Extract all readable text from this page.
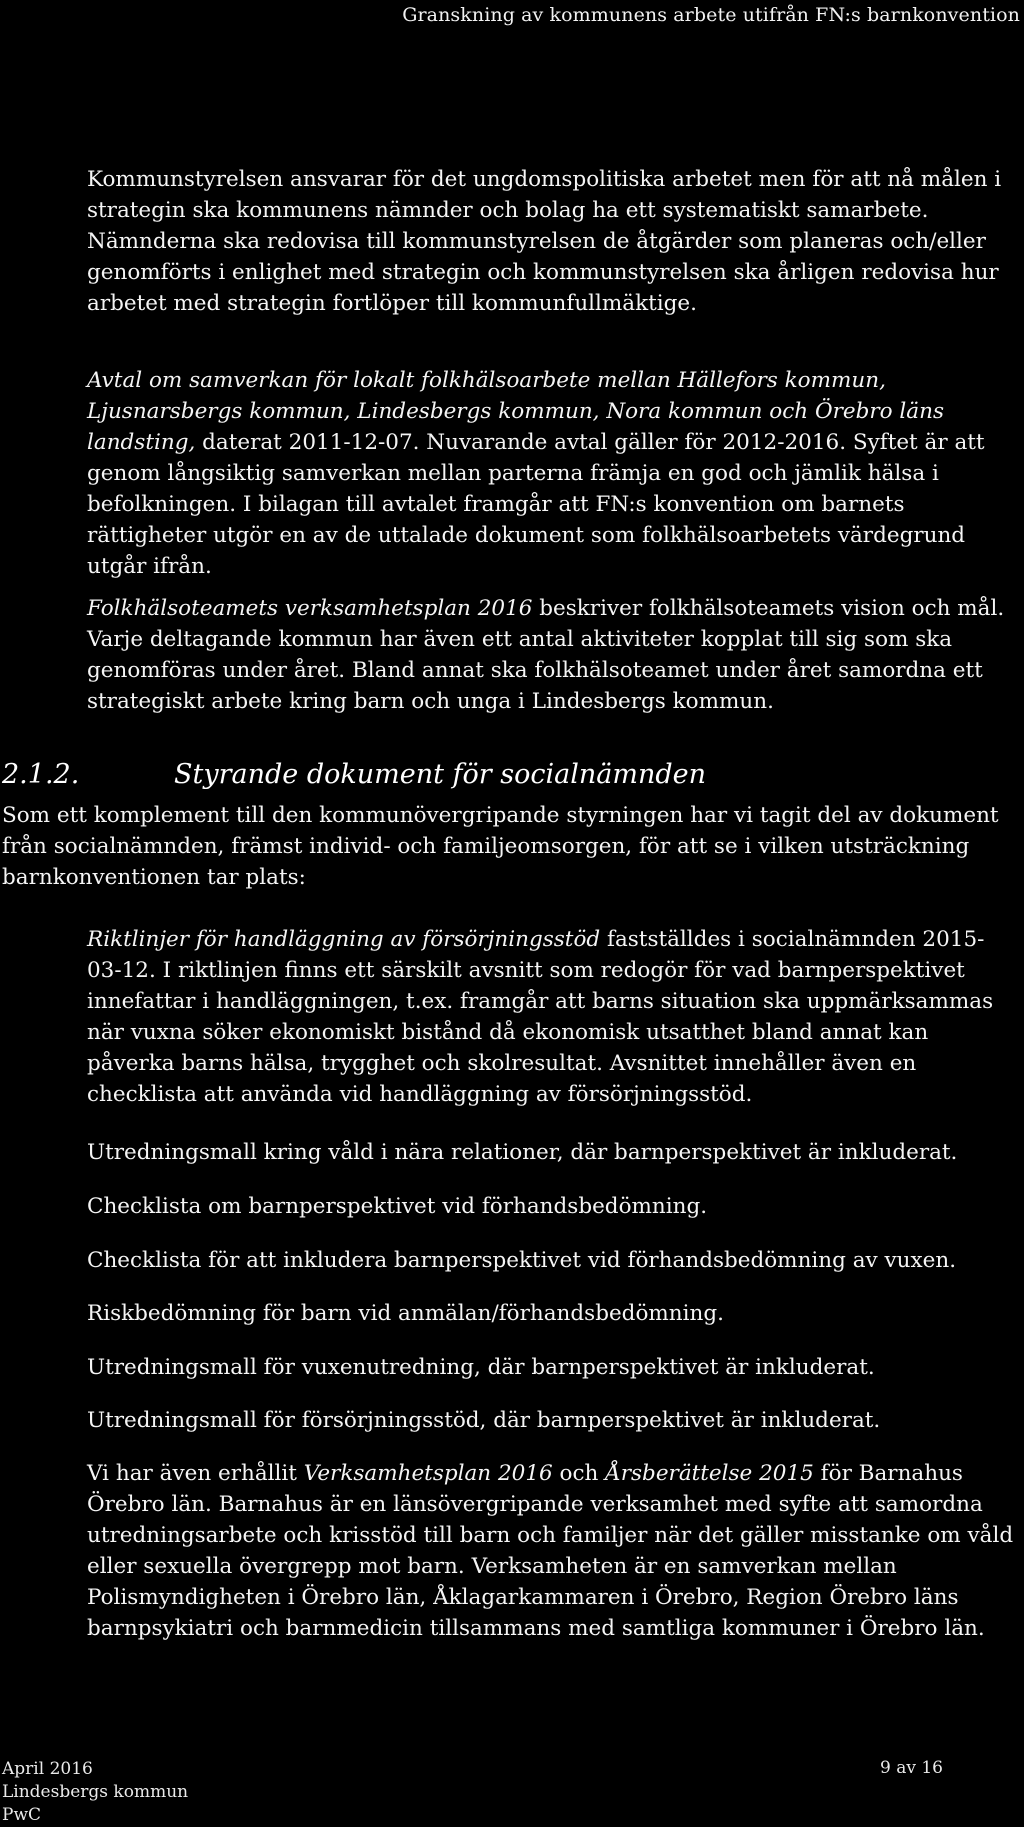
Granskning av kommunens arbete utifrån FN:s barnkonvention

Kommunstyrelsen ansvarar för det ungdomspolitiska arbetet men för att nå målen i strategin ska kommunens nämnder och bolag ha ett systematiskt samarbete. Nämnderna ska redovisa till kommunstyrelsen de åtgärder som planeras och/eller genomförts i enlighet med strategin och kommunstyrelsen ska årligen redovisa hur arbetet med strategin fortlöper till kommunfullmäktige.

Avtal om samverkan för lokalt folkhälsoarbete mellan Hällefors kommun, Ljusnarsbergs kommun, Lindesbergs kommun, Nora kommun och Örebro läns landsting, daterat 2011-12-07. Nuvarande avtal gäller för 2012-2016. Syftet är att genom långsiktig samverkan mellan parterna främja en god och jämlik hälsa i befolkningen. I bilagan till avtalet framgår att FN:s konvention om barnets rättigheter utgör en av de uttalade dokument som folkhälsoarbetets värdegrund utgår ifrån.

Folkhälsoteamets verksamhetsplan 2016 beskriver folkhälsoteamets vision och mål. Varje deltagande kommun har även ett antal aktiviteter kopplat till sig som ska genomföras under året. Bland annat ska folkhälsoteamet under året samordna ett strategiskt arbete kring barn och unga i Lindesbergs kommun.

2.1.2.	Styrande dokument för socialnämnden

Som ett komplement till den kommunövergripande styrningen har vi tagit del av dokument från socialnämnden, främst individ- och familjeomsorgen, för att se i vilken utsträckning barnkonventionen tar plats:

Riktlinjer för handläggning av försörjningsstöd fastställdes i socialnämnden 2015-03-12. I riktlinjen finns ett särskilt avsnitt som redogör för vad barnperspektivet innefattar i handläggningen, t.ex. framgår att barns situation ska uppmärksammas när vuxna söker ekonomiskt bistånd då ekonomisk utsatthet bland annat kan påverka barns hälsa, trygghet och skolresultat. Avsnittet innehåller även en checklista att använda vid handläggning av försörjningsstöd.

Utredningsmall kring våld i nära relationer, där barnperspektivet är inkluderat.
Checklista om barnperspektivet vid förhandsbedömning.
Checklista för att inkludera barnperspektivet vid förhandsbedömning av vuxen.
Riskbedömning för barn vid anmälan/förhandsbedömning.
Utredningsmall för vuxenutredning, där barnperspektivet är inkluderat.
Utredningsmall för försörjningsstöd, där barnperspektivet är inkluderat.

Vi har även erhållit Verksamhetsplan 2016 och Årsberättelse 2015 för Barnahus Örebro län. Barnahus är en länsövergripande verksamhet med syfte att samordna utredningsarbete och krisstöd till barn och familjer när det gäller misstanke om våld eller sexuella övergrepp mot barn. Verksamheten är en samverkan mellan Polismyndigheten i Örebro län, Åklagarkammaren i Örebro, Region Örebro läns barnpsykiatri och barnmedicin tillsammans med samtliga kommuner i Örebro län.

April 2016
Lindesbergs kommun
PwC
9 av 16
